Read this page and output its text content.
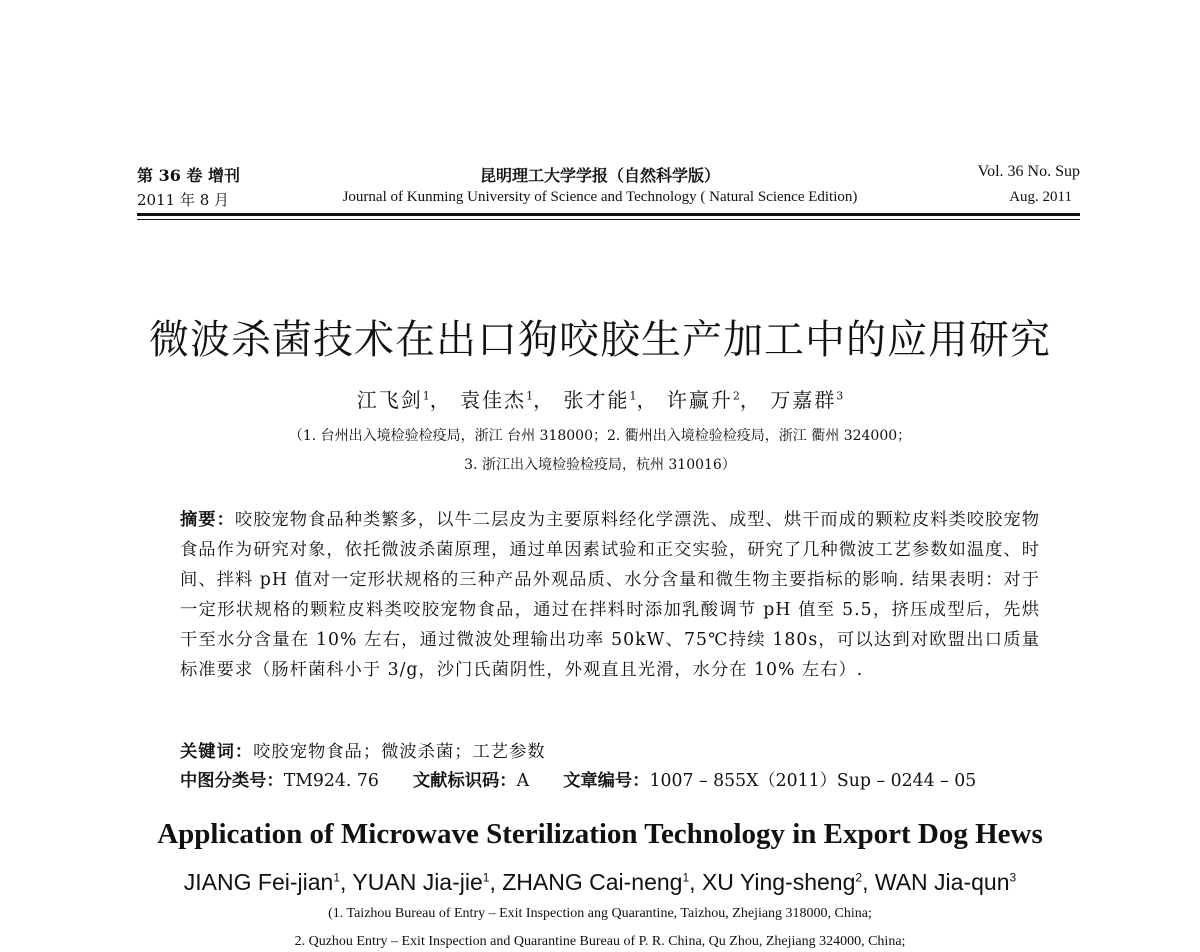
第 36 卷 增刊
2011 年 8 月
昆明理工大学学报（自然科学版）
Journal of Kunming University of Science and Technology ( Natural Science Edition)
Vol. 36 No. Sup
Aug. 2011
微波杀菌技术在出口狗咬胶生产加工中的应用研究
江飞剑$^1$， 袁佳杰$^1$， 张才能$^1$， 许赢升$^2$， 万嘉群$^3$
（1. 台州出入境检验检疫局，浙江 台州 318000；2. 衢州出入境检验检疫局，浙江 衢州 324000；
3. 浙江出入境检验检疫局，杭州 310016）
摘要：咬胶宠物食品种类繁多，以牛二层皮为主要原料经化学漂洗、成型、烘干而成的颗粒皮料类咬胶宠物食品作为研究对象，依托微波杀菌原理，通过单因素试验和正交实验，研究了几种微波工艺参数如温度、时间、拌料 pH 值对一定形状规格的三种产品外观品质、水分含量和微生物主要指标的影响. 结果表明：对于一定形状规格的颗粒皮料类咬胶宠物食品，通过在拌料时添加乳酸调节 pH 值至 5.5，挤压成型后，先烘干至水分含量在 10% 左右，通过微波处理输出功率 50kW、75℃持续 180s，可以达到对欧盟出口质量标准要求（肠杆菌科小于 3/g，沙门氏菌阴性，外观直且光滑，水分在 10% 左右）.
关键词：咬胶宠物食品；微波杀菌；工艺参数
中图分类号：TM924. 76 文献标识码：A 文章编号：1007 – 855X（2011）Sup – 0244 – 05
Application of Microwave Sterilization Technology in Export Dog Hews
JIANG Fei-jian$^1$, YUAN Jia-jie$^1$, ZHANG Cai-neng$^1$, XU Ying-sheng$^2$, WAN Jia-qun$^3$
(1. Taizhou Bureau of Entry – Exit Inspection ang Quarantine, Taizhou, Zhejiang 318000, China;
2. Quzhou Entry – Exit Inspection and Quarantine Bureau of P. R. China, Qu Zhou, Zhejiang 324000, China;
